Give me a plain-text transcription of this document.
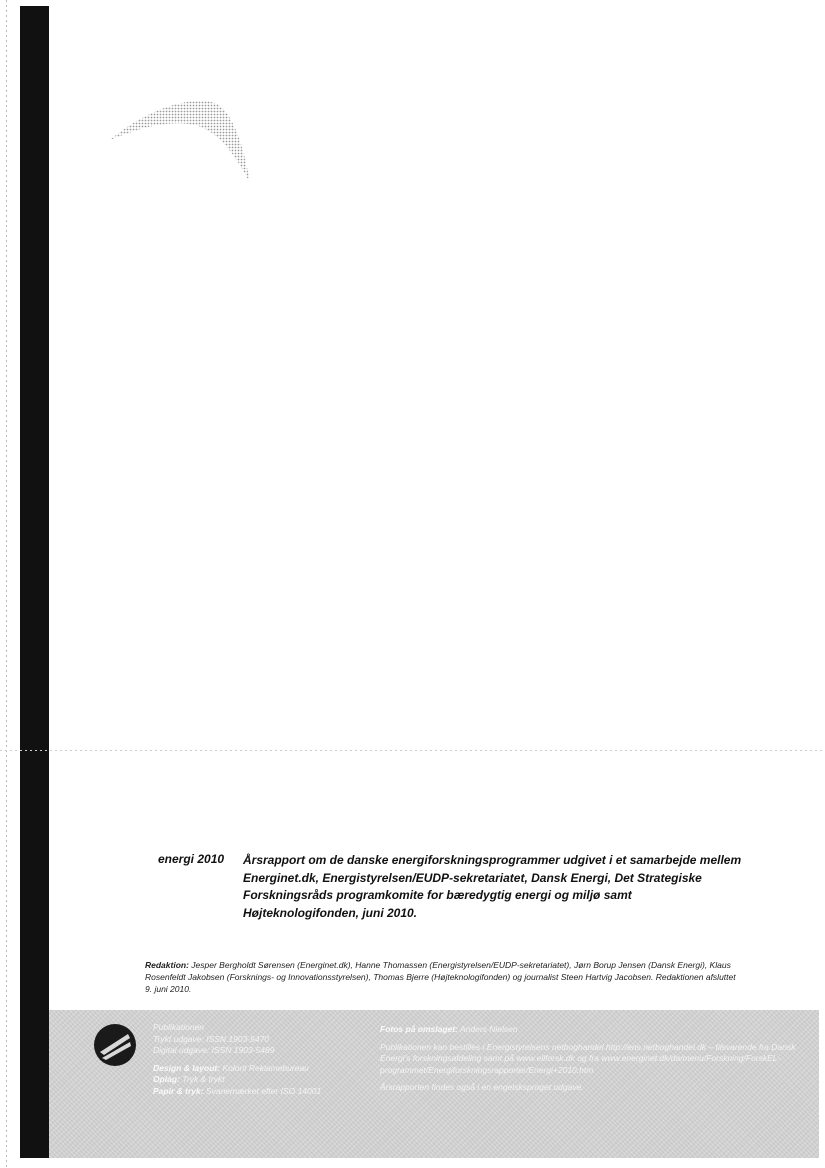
energi 2010 Årsrapport om de danske energiforskningsprogrammer udgivet i et samarbejde mellem Energinet.dk, Energistyrelsen/EUDP-sekretariatet, Dansk Energi, Det Strategiske Forskningsråds programkomite for bæredygtig energi og miljø samt Højteknologifonden, juni 2010.
Redaktion: Jesper Bergholdt Sørensen (Energinet.dk), Hanne Thomassen (Energistyrelsen/EUDP-sekretariatet), Jørn Borup Jensen (Dansk Energi), Klaus Rosenfeldt Jakobsen (Forsknings- og Innovationsstyrelsen), Thomas Bjerre (Højteknologifonden) og journalist Steen Hartvig Jacobsen. Redaktionen afsluttet 9. juni 2010.
Publikationen
Trykt udgave: ISSN 1903-5470
Digital udgave: ISSN 1903-5489
Design & layout: Kolorit Reklamebureau
Oplag: Tryk & trykt
Papir & tryk: Svanemærket efter ISO 14001
Fotos på omslaget: Anders Nielsen
Publikationen kan bestilles i Energistyrelsens netboghandel http://ens.netboghandel.dk – tilsvarende fra Dansk Energi's forskningsafdeling samt på www.ellforsk.dk og fra www.energinet.dk/da/menu/Forskning/ForskEL-programmet/Energiforskningsrapporter/Energi+2010.htm
Årsrapporten findes også i en engelsksproget udgave.
